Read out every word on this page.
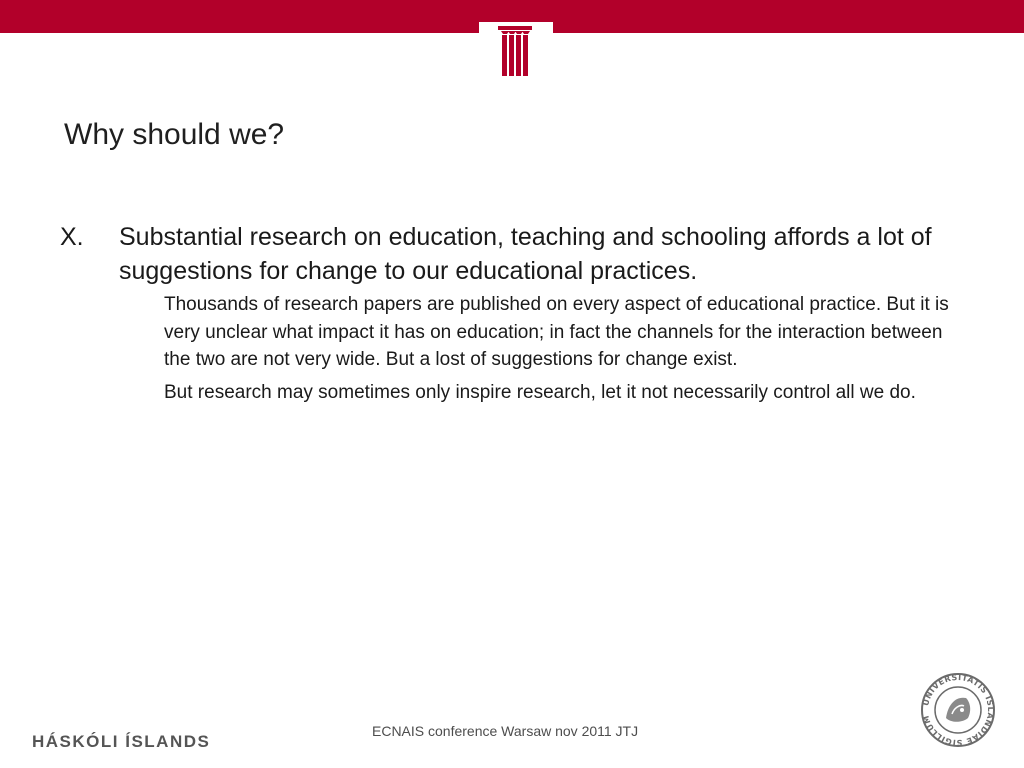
Why should we?
X. Substantial research on education, teaching and schooling affords a lot of suggestions for change to our educational practices.
Thousands of research papers are published on every aspect of educational practice. But it is very unclear what impact it has on education; in fact the channels for the interaction between the two are not very wide. But a lost of suggestions for change exist.
But research may sometimes only inspire research, let it not necessarily control all we do.
HÁSKÓLI ÍSLANDS
ECNAIS conference Warsaw nov 2011 JTJ
UNIVERSITATIS ISLANDIAE SIGILLUM
